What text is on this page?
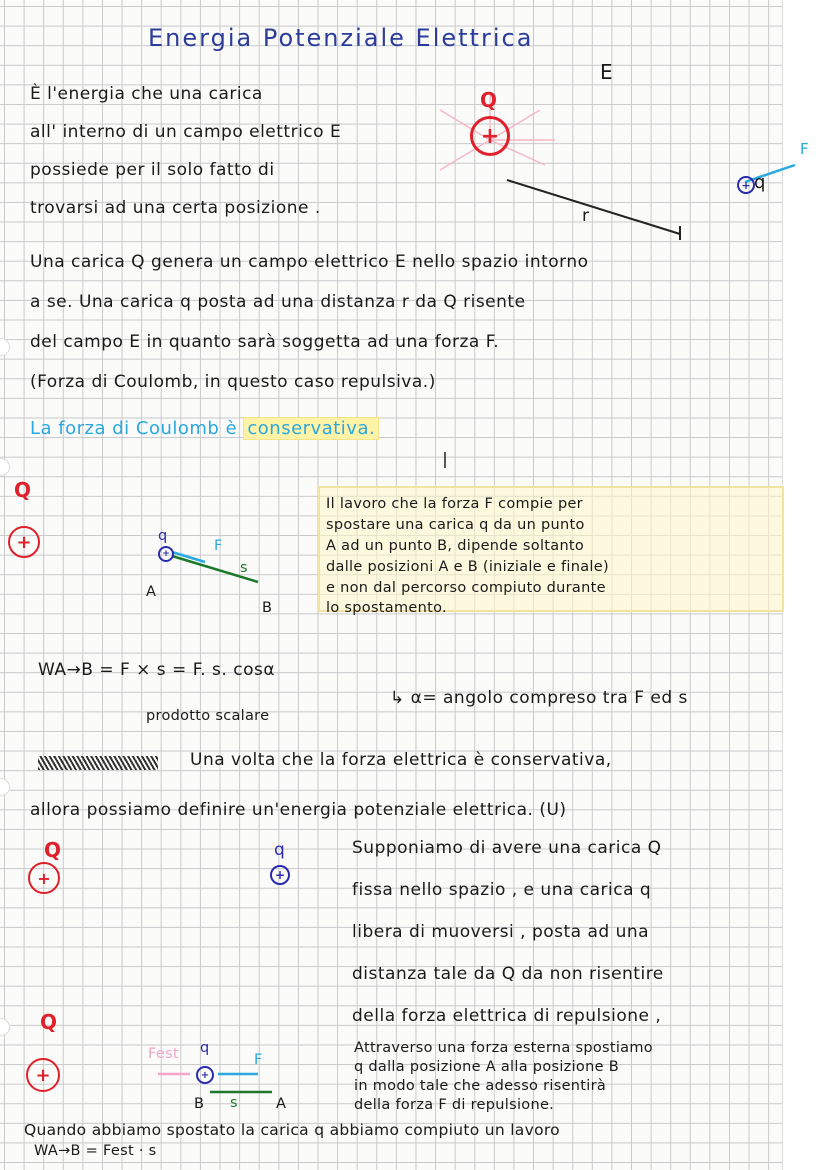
Energia Potenziale Elettrica
È l'energia che una carica
all' interno di un campo elettrico E
possiede per il solo fatto di
trovarsi ad una certa posizione .
Q
+
E
+ q
F
r
Una carica Q genera un campo elettrico E nello spazio intorno
a se. Una carica q posta ad una distanza r da Q risente
del campo E in quanto sarà soggetta ad una forza F.
(Forza di Coulomb, in questo caso repulsiva.)
La forza di Coulomb è conservativa.
Q
+	q
+	F
s
A
B
Il lavoro che la forza F compie per
spostare una carica q da un punto
A ad un punto B, dipende soltanto
dalle posizioni A e B (iniziale e finale)
e non dal percorso compiuto durante
lo spostamento.
WA→B = F × s = F. s. cosα
prodotto scalare
↳ α= angolo compreso tra F ed s
Una volta che la forza elettrica è conservativa,
allora possiamo definire un'energia potenziale elettrica. (U)
Q
+
q
+
Supponiamo di avere una carica Q
fissa nello spazio , e una carica q
libera di muoversi , posta ad una
distanza tale da Q da non risentire
della forza elettrica di repulsione ,
Attraverso una forza esterna spostiamo
q dalla posizione A alla posizione B
in modo tale che adesso risentirà
della forza F di repulsione.
Q
+
Fest q
+
F
B s	A
Quando abbiamo spostato la carica q abbiamo compiuto un lavoro
WA→B = Fest · s
